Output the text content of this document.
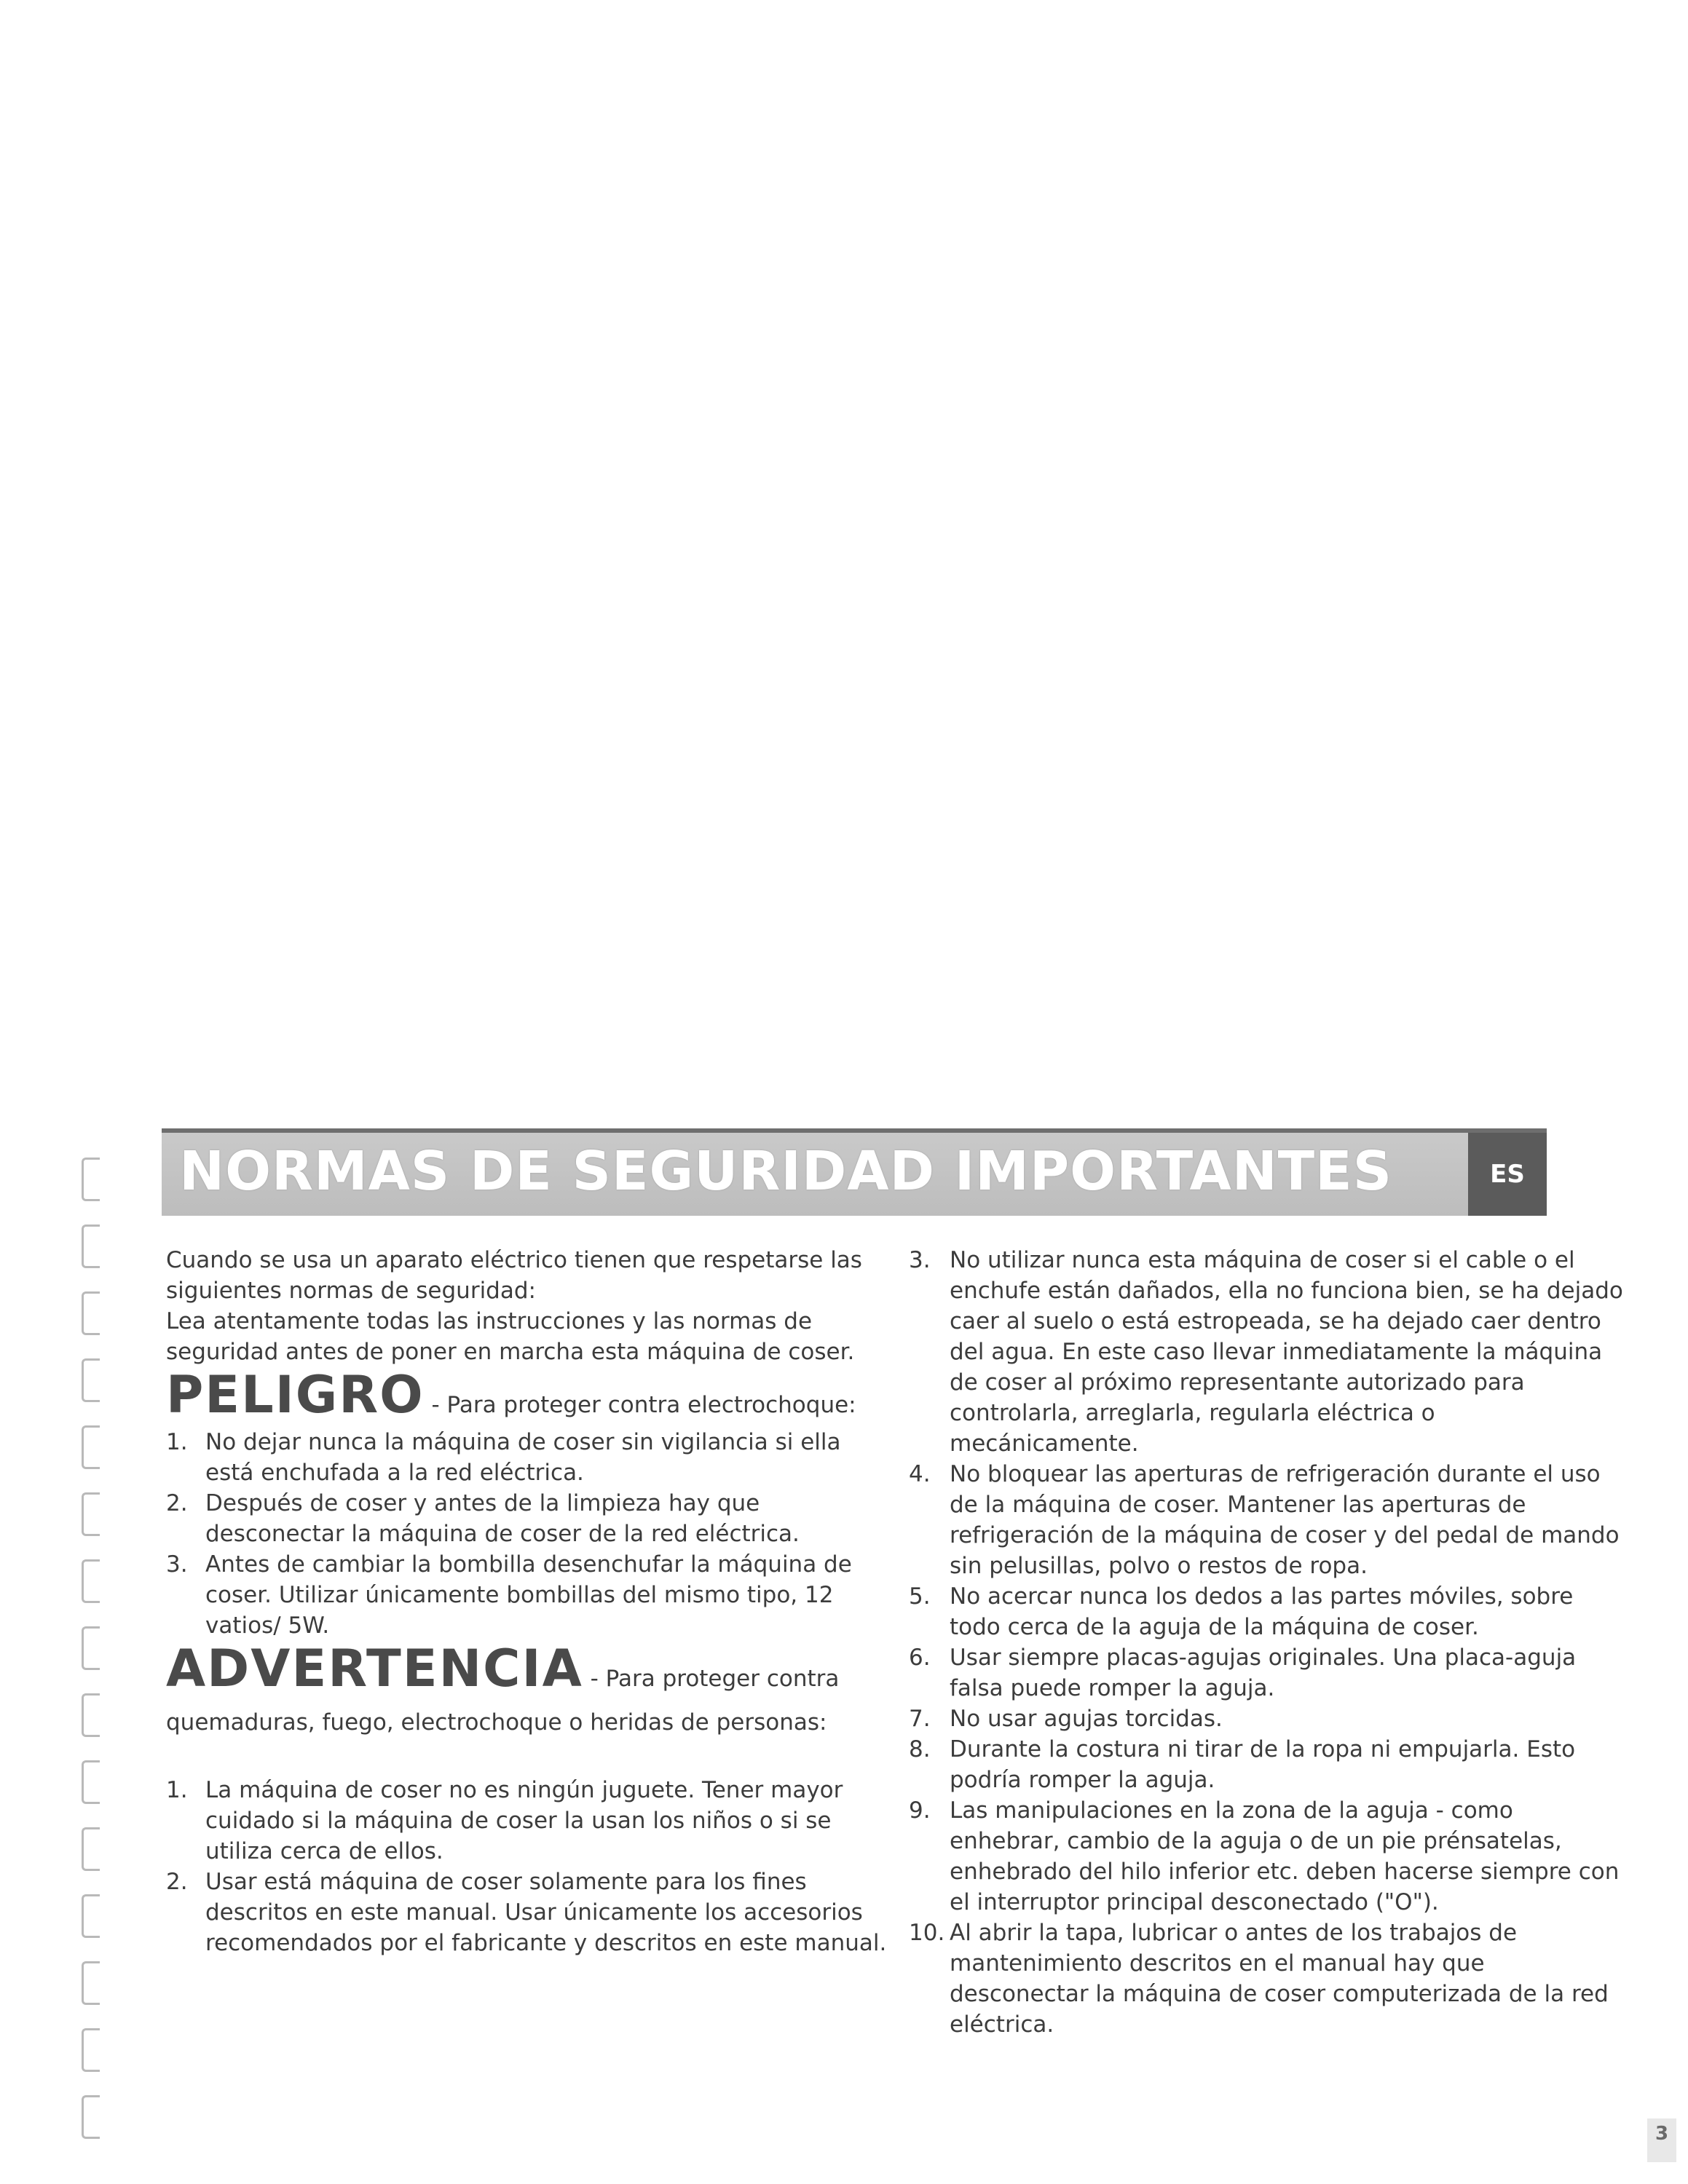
NORMAS DE SEGURIDAD IMPORTANTES	ES

Cuando se usa un aparato eléctrico tienen que respetarse las siguientes normas de seguridad:

Lea atentamente todas las instrucciones y las normas de seguridad antes de poner en marcha esta máquina de coser.

PELIGRO - Para proteger contra electrochoque:

1. No dejar nunca la máquina de coser sin vigilancia si ella está enchufada a la red eléctrica.
2. Después de coser y antes de la limpieza hay que desconectar la máquina de coser de la red eléctrica.
3. Antes de cambiar la bombilla desenchufar la máquina de coser. Utilizar únicamente bombillas del mismo tipo, 12 vatios/ 5W.

ADVERTENCIA - Para proteger contra quemaduras, fuego, electrochoque o heridas de personas:

1. La máquina de coser no es ningún juguete. Tener mayor cuidado si la máquina de coser la usan los niños o si se utiliza cerca de ellos.
2. Usar está máquina de coser solamente para los fines descritos en este manual. Usar únicamente los accesorios recomendados por el fabricante y descritos en este manual.
3. No utilizar nunca esta máquina de coser si el cable o el enchufe están dañados, ella no funciona bien, se ha dejado caer al suelo o está estropeada, se ha dejado caer dentro del agua. En este caso llevar inmediatamente la máquina de coser al próximo representante autorizado para controlarla, arreglarla, regularla eléctrica o mecánicamente.
4. No bloquear las aperturas de refrigeración durante el uso de la máquina de coser. Mantener las aperturas de refrigeración de la máquina de coser y del pedal de mando sin pelusillas, polvo o restos de ropa.
5. No acercar nunca los dedos a las partes móviles, sobre todo cerca de la aguja de la máquina de coser.
6. Usar siempre placas-agujas originales. Una placa-aguja falsa puede romper la aguja.
7. No usar agujas torcidas.
8. Durante la costura ni tirar de la ropa ni empujarla. Esto podría romper la aguja.
9. Las manipulaciones en la zona de la aguja - como enhebrar, cambio de la aguja o de un pie prénsatelas, enhebrado del hilo inferior etc. deben hacerse siempre con el interruptor principal desconectado ("O").
10. Al abrir la tapa, lubricar o antes de los trabajos de mantenimiento descritos en el manual hay que desconectar la máquina de coser computerizada de la red eléctrica.
3
